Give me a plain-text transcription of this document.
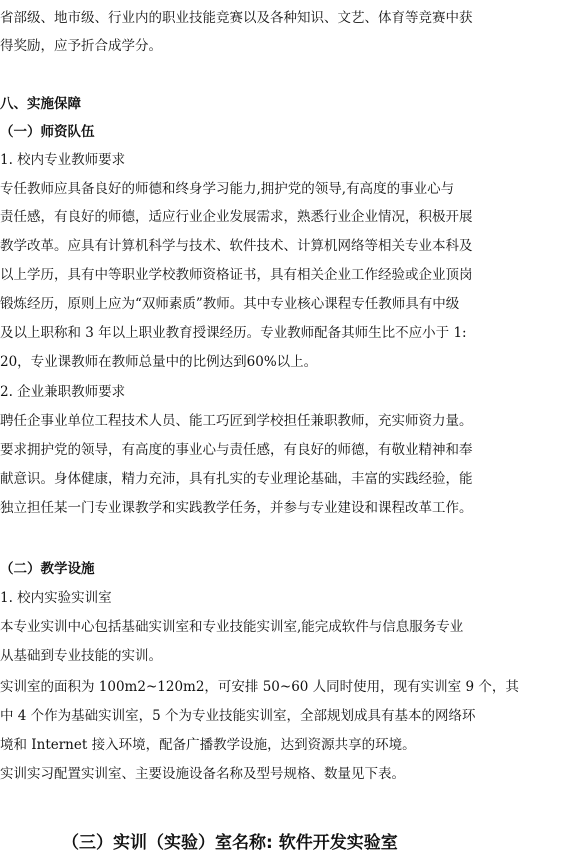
省部级、地市级、行业内的职业技能竞赛以及各种知识、文艺、体育等竞赛中获
得奖励，应予折合成学分。
八、实施保障
（一）师资队伍
1. 校内专业教师要求
专任教师应具备良好的师德和终身学习能力,拥护党的领导,有高度的事业心与
责任感，有良好的师德，适应行业企业发展需求，熟悉行业企业情况，积极开展
教学改革。应具有计算机科学与技术、软件技术、计算机网络等相关专业本科及
以上学历，具有中等职业学校教师资格证书，具有相关企业工作经验或企业顶岗
锻炼经历，原则上应为“双师素质”教师。其中专业核心课程专任教师具有中级
及以上职称和 3 年以上职业教育授课经历。专业教师配备其师生比不应小于 1:
20，专业课教师在教师总量中的比例达到60%以上。
2. 企业兼职教师要求
聘任企事业单位工程技术人员、能工巧匠到学校担任兼职教师，充实师资力量。
要求拥护党的领导，有高度的事业心与责任感，有良好的师德，有敬业精神和奉
献意识。身体健康，精力充沛，具有扎实的专业理论基础，丰富的实践经验，能
独立担任某一门专业课教学和实践教学任务，并参与专业建设和课程改革工作。
（二）教学设施
1. 校内实验实训室
本专业实训中心包括基础实训室和专业技能实训室,能完成软件与信息服务专业
从基础到专业技能的实训。
实训室的面积为 100m2~120m2，可安排 50~60 人同时使用，现有实训室 9 个，其
中 4 个作为基础实训室，5 个为专业技能实训室，全部规划成具有基本的网络环
境和 Internet 接入环境，配备广播教学设施，达到资源共享的环境。
实训实习配置实训室、主要设施设备名称及型号规格、数量见下表。
（三）实训（实验）室名称: 软件开发实验室
